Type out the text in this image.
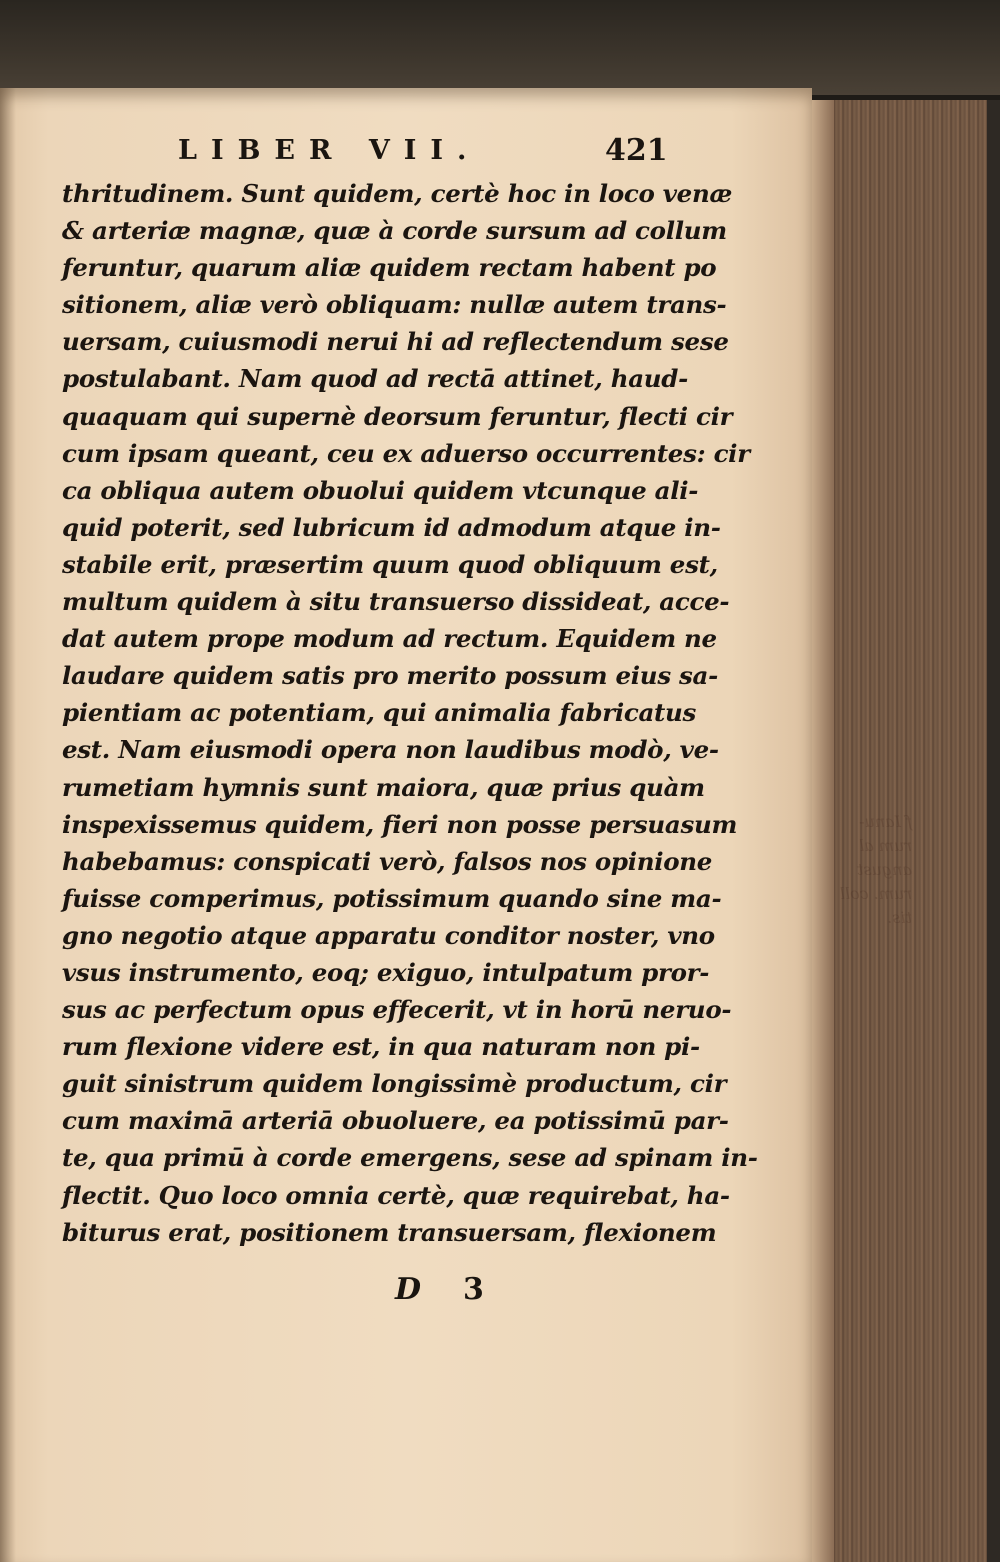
LIBER VII.	421
thritudinem. Sunt quidem, certè hoc in loco venæ
& arteriæ magnæ, quæ à corde sursum ad collum
feruntur, quarum aliæ quidem rectam habent po
sitionem, aliæ verò obliquam: nullæ autem trans-
uersam, cuiusmodi nerui hi ad reflectendum sese
postulabant. Nam quod ad rectā attinet, haud-
quaquam qui supernè deorsum feruntur, flecti cir
cum ipsam queant, ceu ex aduerso occurrentes: cir
ca obliqua autem obuolui quidem vtcunque ali-
quid poterit, sed lubricum id admodum atque in-
stabile erit, præsertim quum quod obliquum est,
multum quidem à situ transuerso dissideat, acce-
dat autem prope modum ad rectum. Equidem ne
laudare quidem satis pro merito possum eius sa-
pientiam ac potentiam, qui animalia fabricatus
est. Nam eiusmodi opera non laudibus modò, ve-
rumetiam hymnis sunt maiora, quæ prius quàm
inspexissemus quidem, fieri non posse persuasum
habebamus: conspicati verò, falsos nos opinione
fuisse comperimus, potissimum quando sine ma-
gno negotio atque apparatu conditor noster, vno
vsus instrumento, eoq; exiguo, intulpatum pror-
sus ac perfectum opus effecerit, vt in horū neruo-
rum flexione videre est, in qua naturam non pi-
guit sinistrum quidem longissimè productum, cir
cum maximā arteriā obuoluere, ea potissimū par-
te, qua primū à corde emergens, sese ad spinam in-
flectit. Quo loco omnia certè, quæ requirebat, ha-
biturus erat, positionem transuersam, flexionem
D 3
f Ianu-
rum al
angust
rum. coll
tis.
